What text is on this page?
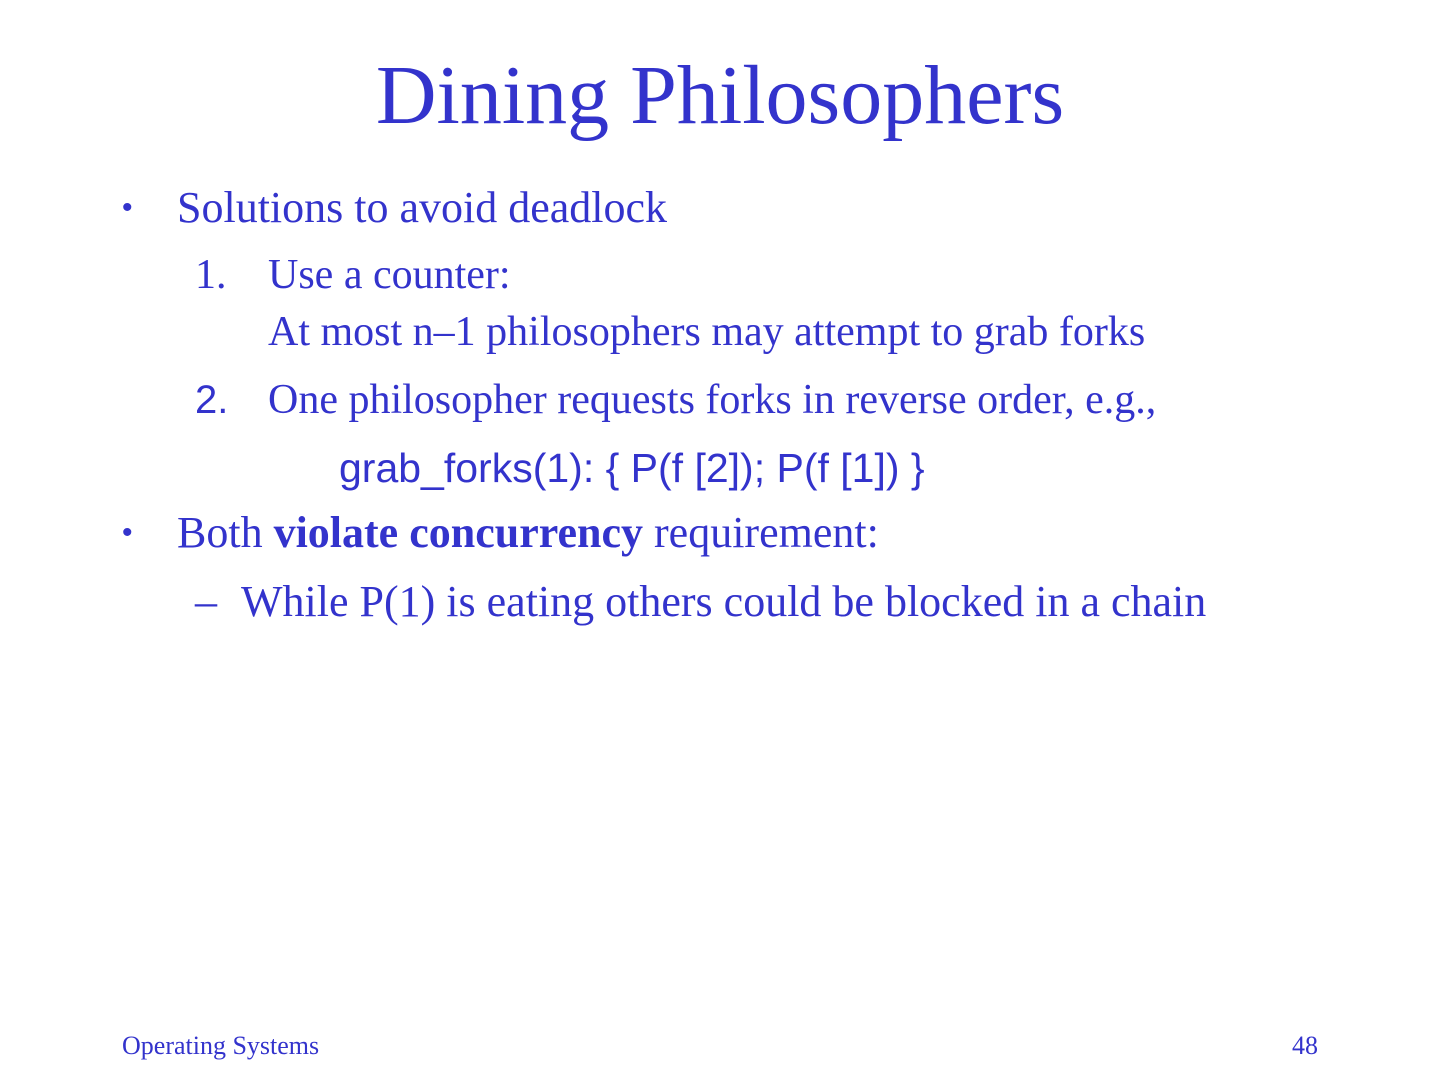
Dining Philosophers
• Solutions to avoid deadlock
1. Use a counter:
At most n–1 philosophers may attempt to grab forks
2. One philosopher requests forks in reverse order, e.g.,
grab_forks(1): { P(f [2]); P(f [1]) }
• Both violate concurrency requirement:
– While P(1) is eating others could be blocked in a chain
Operating Systems	48
